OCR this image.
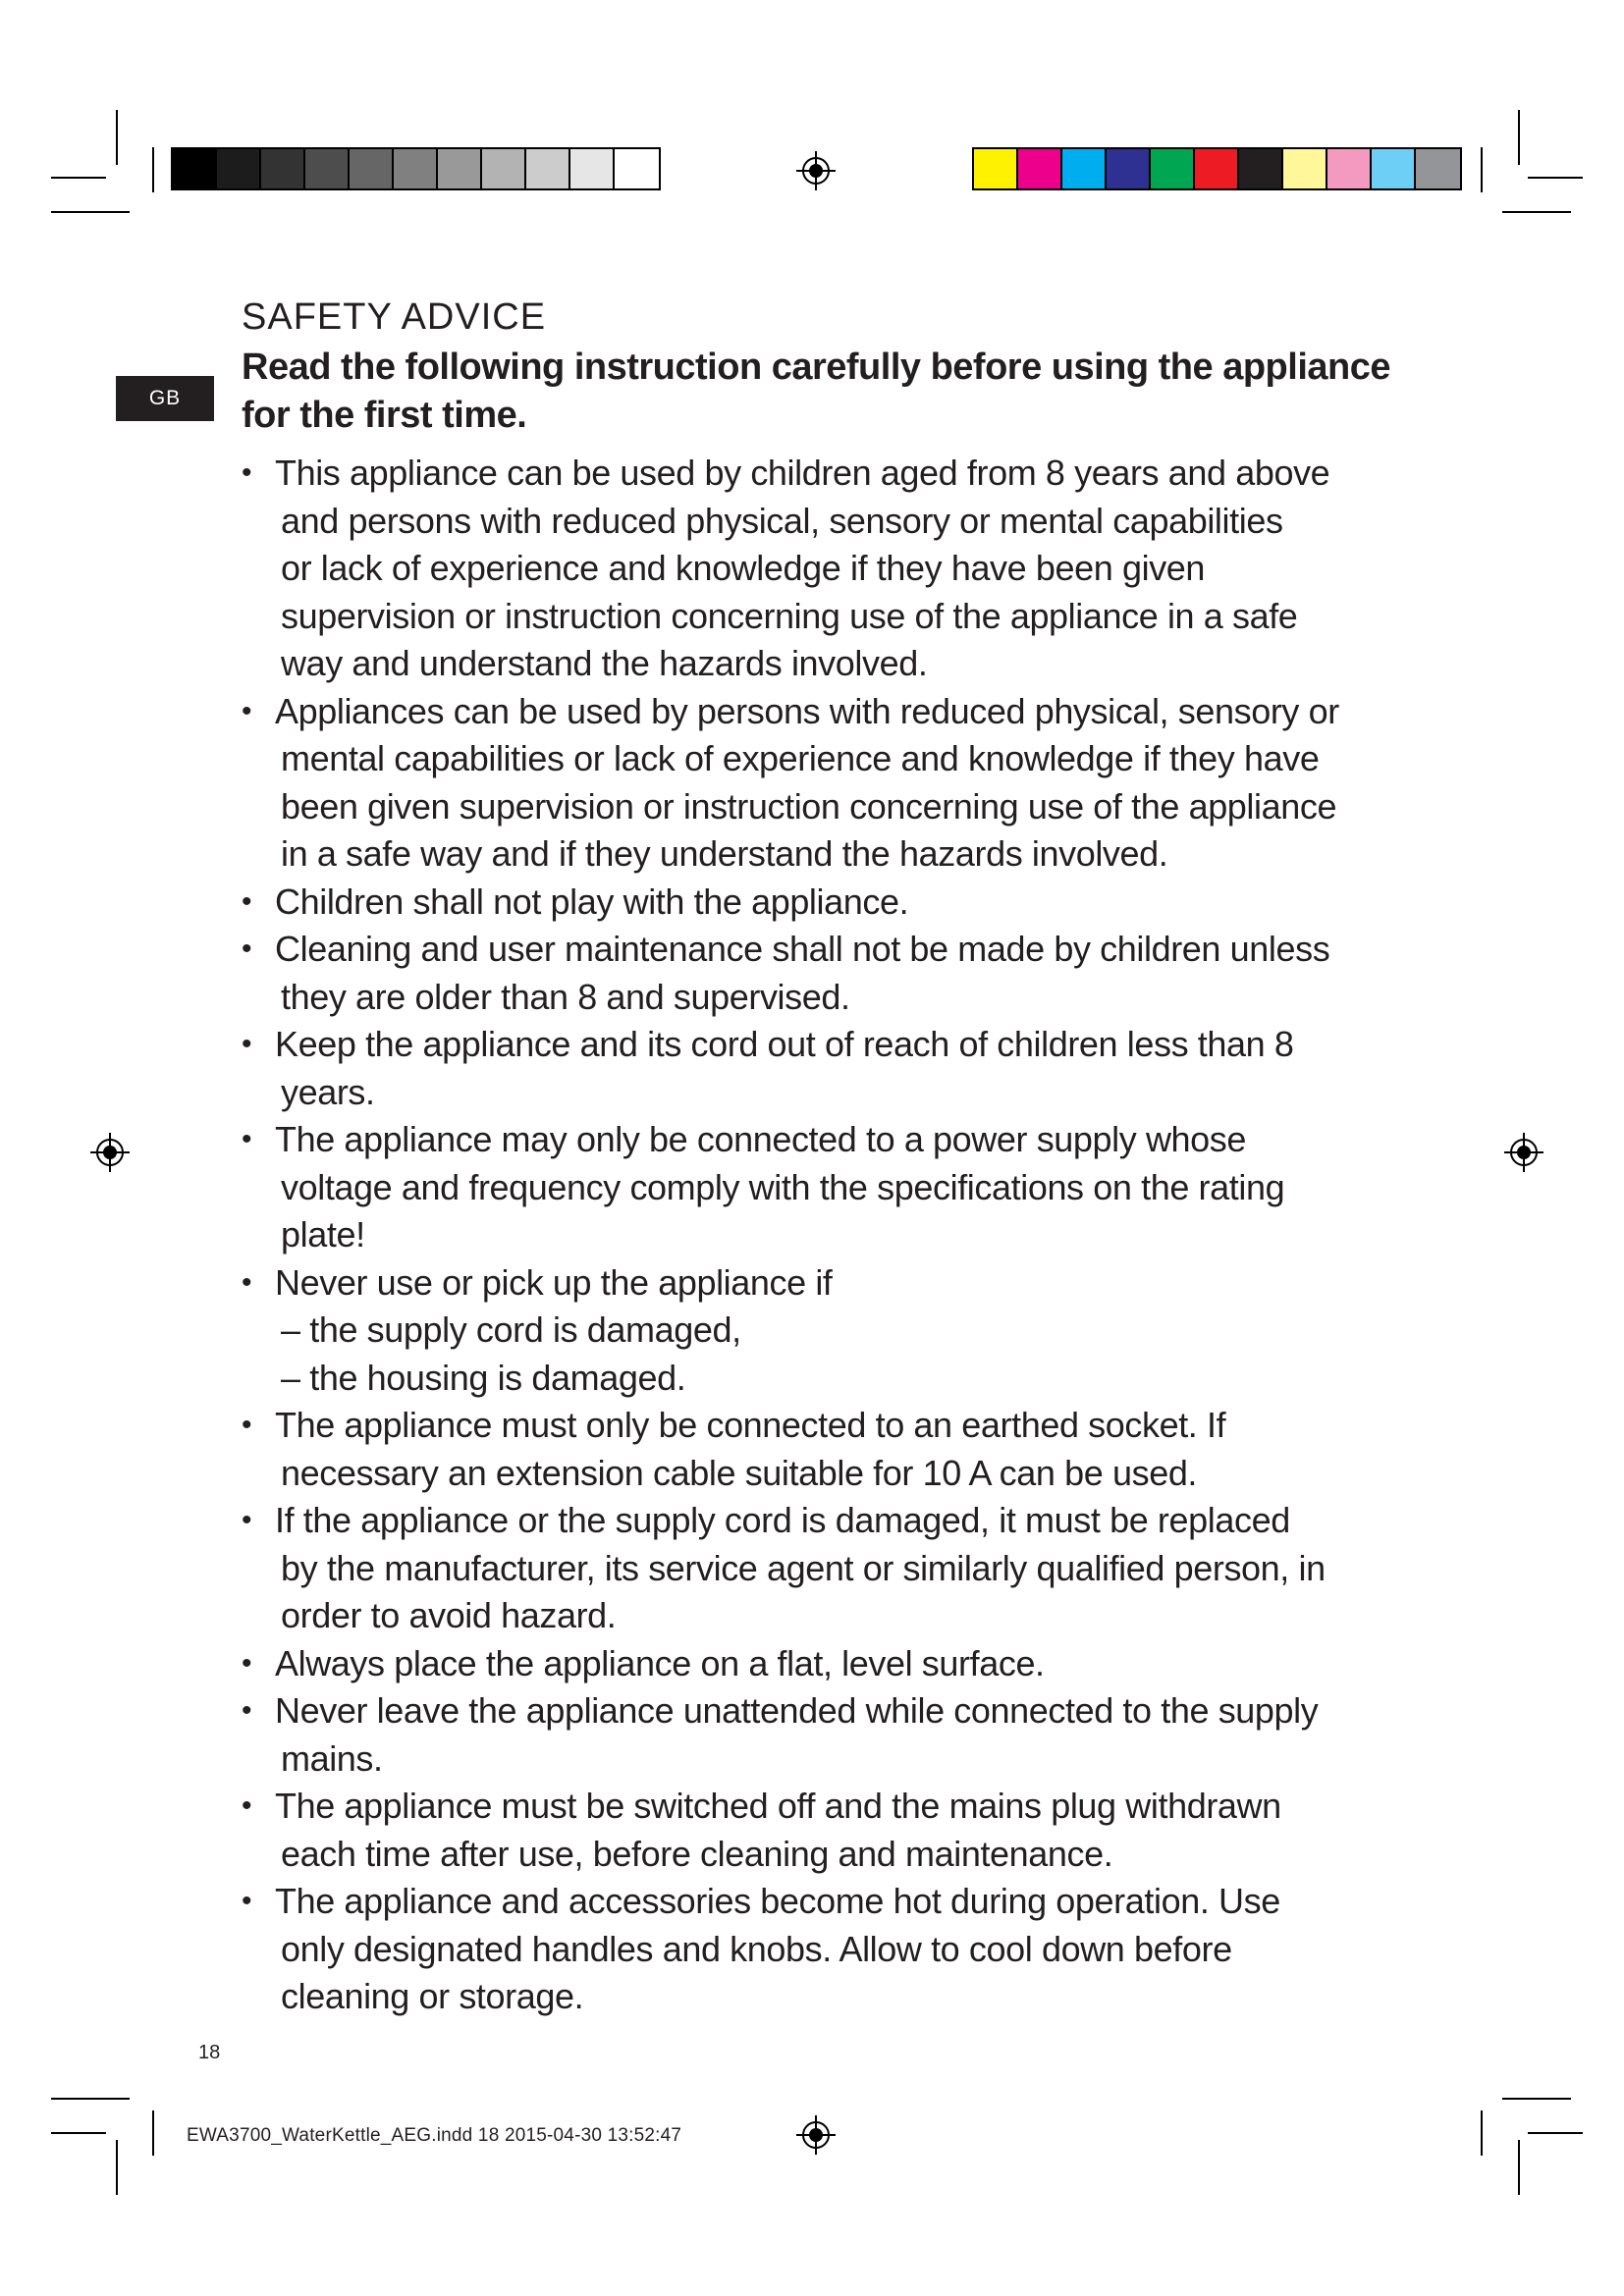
GB
SAFETY ADVICE
Read the following instruction carefully before using the appliance
for the first time.
• This appliance can be used by children aged from 8 years and above
and persons with reduced physical, sensory or mental capabilities
or lack of experience and knowledge if they have been given
supervision or instruction concerning use of the appliance in a safe
way and understand the hazards involved.
• Appliances can be used by persons with reduced physical, sensory or
mental capabilities or lack of experience and knowledge if they have
been given supervision or instruction concerning use of the appliance
in a safe way and if they understand the hazards involved.
• Children shall not play with the appliance.
• Cleaning and user maintenance shall not be made by children unless
they are older than 8 and supervised.
• Keep the appliance and its cord out of reach of children less than 8
years.
• The appliance may only be connected to a power supply whose
voltage and frequency comply with the specifications on the rating
plate!
• Never use or pick up the appliance if
– the supply cord is damaged,
– the housing is damaged.
• The appliance must only be connected to an earthed socket. If
necessary an extension cable suitable for 10 A can be used.
• If the appliance or the supply cord is damaged, it must be replaced
by the manufacturer, its service agent or similarly qualified person, in
order to avoid hazard.
• Always place the appliance on a flat, level surface.
• Never leave the appliance unattended while connected to the supply
mains.
• The appliance must be switched off and the mains plug withdrawn
each time after use, before cleaning and maintenance.
• The appliance and accessories become hot during operation. Use
only designated handles and knobs. Allow to cool down before
cleaning or storage.
18
EWA3700_WaterKettle_AEG.indd 18 2015-04-30 13:52:47
